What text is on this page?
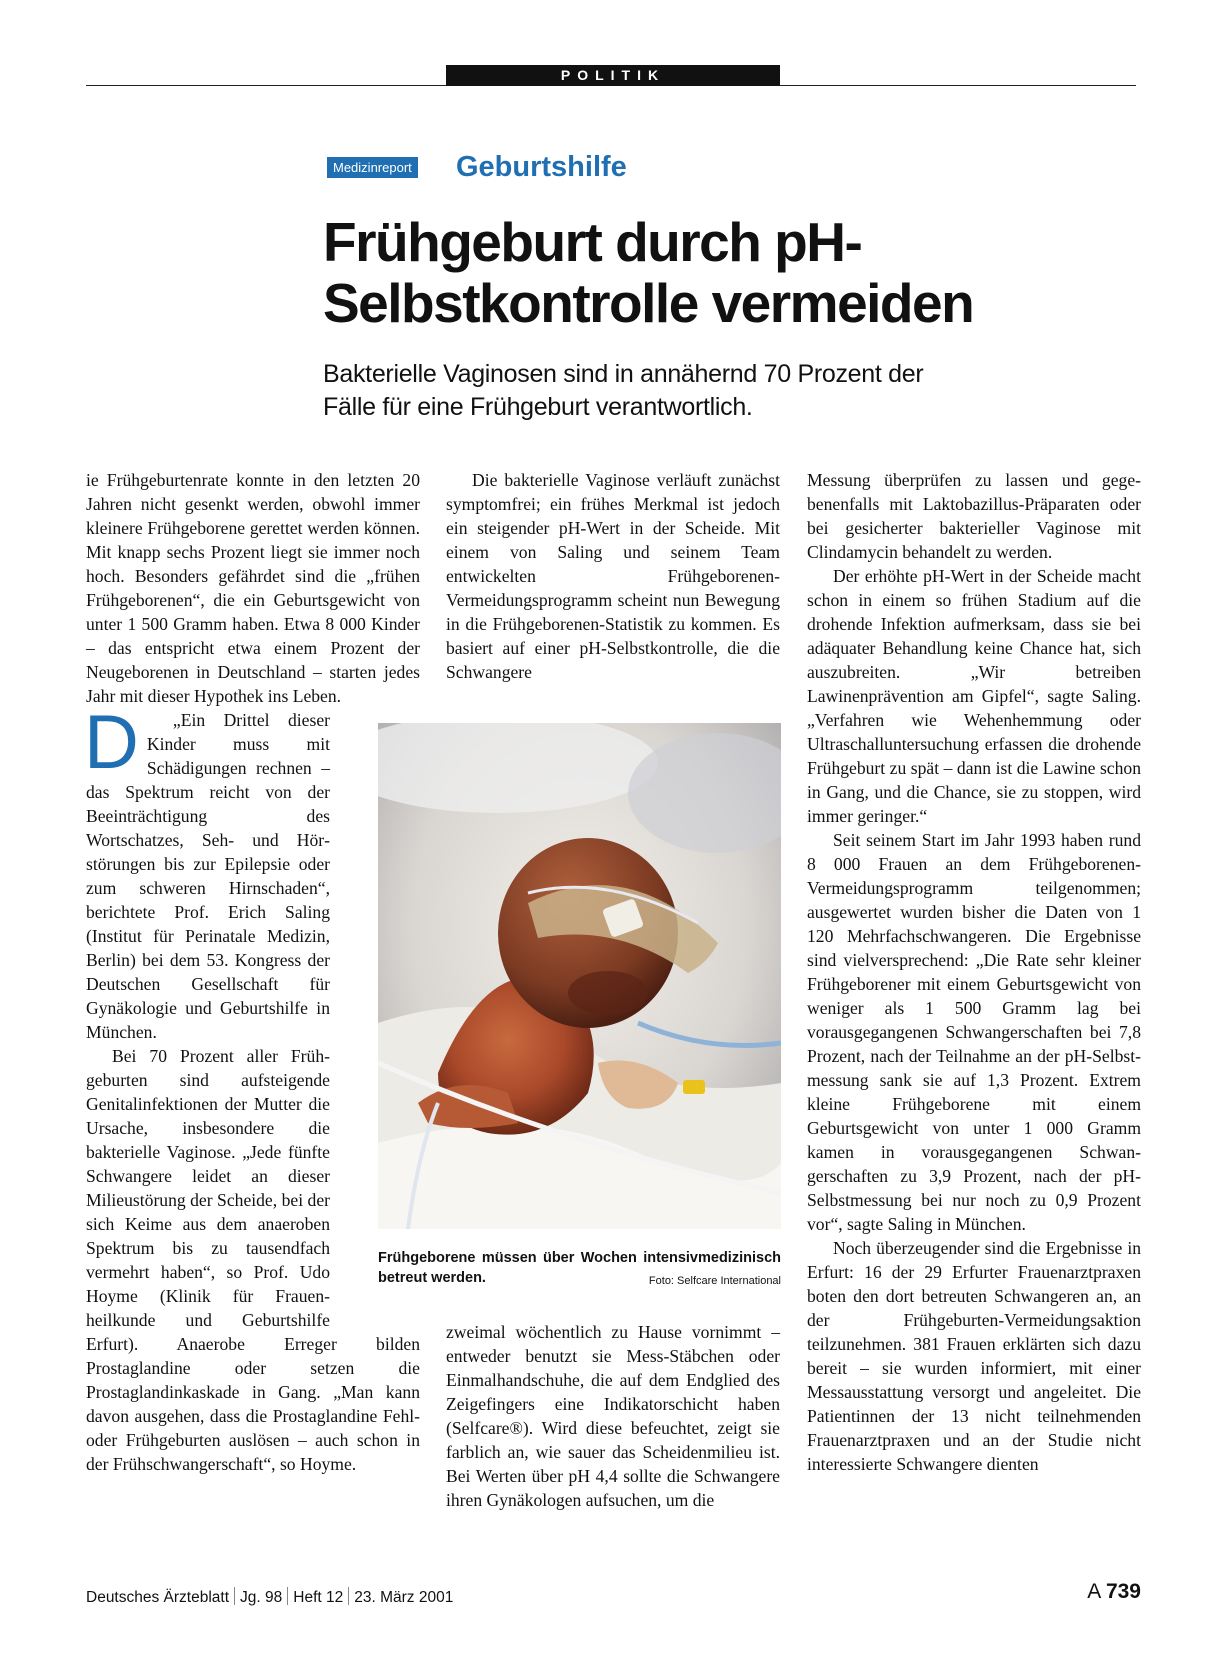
POLITIK
Medizinreport Geburtshilfe
Frühgeburt durch pH-
Selbstkontrolle vermeiden
Bakterielle Vaginosen sind in annähernd 70 Prozent der
Fälle für eine Frühgeburt verantwortlich.

D
ie Frühgeburtenrate konnte in den letzten 20 Jahren nicht gesenkt werden, obwohl immer kleinere Frühgeborene gerettet werden können. Mit knapp sechs Prozent liegt sie immer noch hoch. Besonders gefährdet sind die „frühen Frühgeborenen“, die ein Geburtsgewicht von unter 1 500 Gramm haben. Etwa 8 000 Kinder – das entspricht etwa einem Prozent der Neugeborenen in Deutschland – starten jedes Jahr mit dieser Hypothek ins Leben.

„Ein Drittel dieser Kinder muss mit Schädigungen rechnen – das Spektrum reicht von der Beeinträchtigung des Wortschatzes, Seh- und Hörstörungen bis zur Epilepsie oder zum schweren Hirnschaden“, berichtete Prof. Erich Saling (Institut für Perinatale Medizin, Berlin) bei dem 53. Kongress der Deutschen Gesellschaft für Gynäkologie und Geburtshilfe in München.

Bei 70 Prozent aller Frühgeburten sind aufsteigende Genitalinfektionen der Mutter die Ursache, insbesondere die bakterielle Vaginose. „Jede fünfte Schwangere leidet an dieser Milieustörung der Scheide, bei der sich Keime aus dem anaeroben Spektrum bis zu tausendfach vermehrt haben“, so Prof. Udo Hoyme (Klinik für Frauenheilkunde und Geburtshilfe Erfurt). Anaerobe Erreger bilden Prostaglandine oder setzen die Prostaglandinkaskade in Gang. „Man kann davon ausgehen, dass die Prostaglandine Fehl- oder Frühgeburten auslösen – auch schon in der Frühschwangerschaft“, so Hoyme.

Die bakterielle Vaginose verläuft zunächst symptomfrei; ein frühes Merkmal ist jedoch ein steigender pH-Wert in der Scheide. Mit einem von Saling und seinem Team entwickelten Frühgeborenen-Vermeidungsprogramm scheint nun Bewegung in die Frühgeborenen-Statistik zu kommen. Es basiert auf einer pH-Selbstkontrolle, die die Schwangere

zweimal wöchentlich zu Hause vornimmt – entweder benutzt sie Mess-Stäbchen oder Einmalhandschuhe, die auf dem Endglied des Zeigefingers eine Indikatorschicht haben (Selfcare®). Wird diese befeuchtet, zeigt sie farblich an, wie sauer das Scheidenmilieu ist. Bei Werten über pH 4,4 sollte die Schwangere ihren Gynäkologen aufsuchen, um die

Messung überprüfen zu lassen und gegebenenfalls mit Laktobazillus-Präparaten oder bei gesicherter bakterieller Vaginose mit Clindamycin behandelt zu werden.

Der erhöhte pH-Wert in der Scheide macht schon in einem so frühen Stadium auf die drohende Infektion aufmerksam, dass sie bei adäquater Behandlung keine Chance hat, sich auszubreiten. „Wir betreiben Lawinenprävention am Gipfel“, sagte Saling. „Verfahren wie Wehenhemmung oder Ultraschalluntersuchung erfassen die drohende Frühgeburt zu spät – dann ist die Lawine schon in Gang, und die Chance, sie zu stoppen, wird immer geringer.“

Seit seinem Start im Jahr 1993 haben rund 8 000 Frauen an dem Frühgeborenen-Vermeidungsprogramm teilgenommen; ausgewertet wurden bisher die Daten von 1 120 Mehrfachschwangeren. Die Ergebnisse sind vielversprechend: „Die Rate sehr kleiner Frühgeborener mit einem Geburtsgewicht von weniger als 1 500 Gramm lag bei vorausgegangenen Schwangerschaften bei 7,8 Prozent, nach der Teilnahme an der pH-Selbstmessung sank sie auf 1,3 Prozent. Extrem kleine Frühgeborene mit einem Geburtsgewicht von unter 1 000 Gramm kamen in vorausgegangenen Schwangerschaften zu 3,9 Prozent, nach der pH-Selbstmessung bei nur noch zu 0,9 Prozent vor“, sagte Saling in München.

Noch überzeugender sind die Ergebnisse in Erfurt: 16 der 29 Erfurter Frauenarztpraxen boten den dort betreuten Schwangeren an, an der Frühgeburten-Vermeidungsaktion teilzunehmen. 381 Frauen erklärten sich dazu bereit – sie wurden informiert, mit einer Messausstattung versorgt und angeleitet. Die Patientinnen der 13 nicht teilnehmenden Frauenarztpraxen und an der Studie nicht interessierte Schwangere dienten

Frühgeborene müssen über Wochen intensivmedizinisch betreut werden.	Foto: Selfcare International
Deutsches Ärzteblatt Jg. 98 Heft 12 23. März 2001	A 739
